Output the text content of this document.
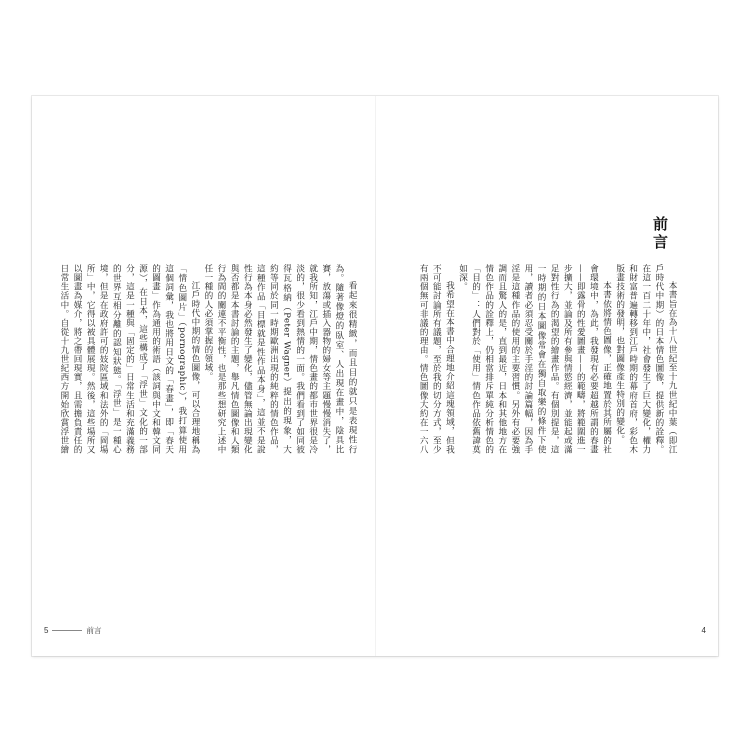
看起來很精緻，而且目的就只是表現性行為。隨著像燈的臥室、人出現在畫中，陰具比賽，放蕩或插入器物的婦女等主題慢慢消失了，就我所知，江戶中期，情色畫的都市世界很是冷淡的，很少看到熱情的一面。我們看到了如同彼得瓦格納（Peter Wagner）提出的現象，大約等同於同一時期歐洲出現的純粹的情色作品，這種作品「目標就是性作品本身」，這並不是說性行為本身必然發生了變化，儘管無論出現變化與否都是本書討論的主題，舉凡情色圖像和人類行為間的關連不平衡性，也是那些想研究上述中任一種的人必須掌握的領域。

江戶時代中期的情色圖像，可以合理地稱為「情色圖片」（pornographic），我打算使用這個詞彙，我也將用日文的「春畫」，即「春天的圖畫」作為通用的術語（該詞與中文和韓文同源），在日本，這些構成了「浮世」文化的一部分，這是一種與「固定的」日常生活和充滿義務的世界互相分離的認知狀態。「浮世」是一種心境，但是在政府許可的妓院區域和法外的「岡場所」中，它得以被具體展現。然後，這些場所又以圖畫為媒介，將之帶回現實，且需擔負責任的日常生活中。自從十九世紀西方開始欣賞浮世繪

5	前言
前言

本書旨在為十八世紀至十九世紀中葉（即江戶時代中期）的日本情色圖像，提供新的詮釋。在這一百二十年中，社會發生了巨大變化，權力和財富普遍轉移到江戶時期的幕府首府，彩色木版畫技術的發明，也對圖像產生特別的變化。

本書依將情色圖像，正確地置於其所屬的社會環境中，為此，我發現有必要超越所謂的春畫——即露骨的性愛圖畫——的範疇，將範圍進一步擴大，並論及所有參與情慾經濟，並能起或滿足對性行為的渴望的繪畫作品。有個別提是，這一時期的日本圖像常會在獨自取樂的條件下使用，讀者必須忍受關於手淫的討論篇幅，因為手淫是這種作品的使用的主要習慣。另外有必要強調而且驚人的是，直到最近，日本和其他地方在情色作品的詮釋上，仍相當排斥單純分析情色的「目的」：人們對於「使用」情色作品依舊諱莫如深。

我希望在本書中合理地介紹這塊領域，但我不可能討論所有議題，至於我的切分方式，至少有兩個無可非議的理由。情色圖像大約在一六八

4
